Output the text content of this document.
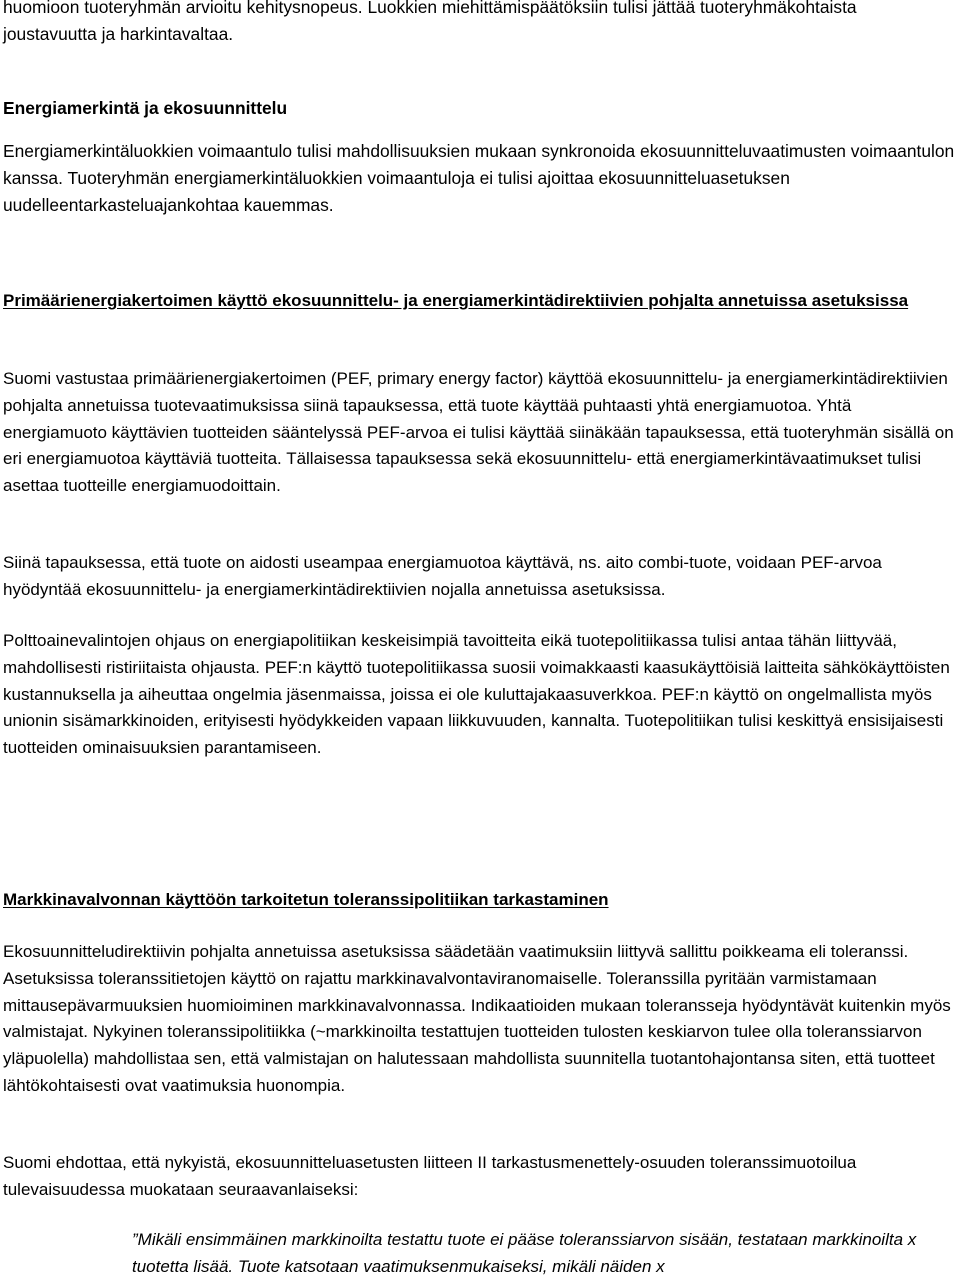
huomioon tuoteryhmän arvioitu kehitysnopeus. Luokkien miehittämispäätöksiin tulisi jättää tuoteryhmäkohtaista joustavuutta ja harkintavaltaa.

Energiamerkintä ja ekosuunnittelu

Energiamerkintäluokkien voimaantulo tulisi mahdollisuuksien mukaan synkronoida ekosuunnitteluvaatimusten voimaantulon kanssa. Tuoteryhmän energiamerkintäluokkien voimaantuloja ei tulisi ajoittaa ekosuunnitteluasetuksen uudelleentarkasteluajankohtaa kauemmas.

Primäärienergiakertoimen käyttö ekosuunnittelu- ja energiamerkintädirektiivien pohjalta annetuissa asetuksissa

Suomi vastustaa primäärienergiakertoimen (PEF, primary energy factor) käyttöä ekosuunnittelu- ja energiamerkintädirektiivien pohjalta annetuissa tuotevaatimuksissa siinä tapauksessa, että tuote käyttää puhtaasti yhtä energiamuotoa. Yhtä energiamuoto käyttävien tuotteiden sääntelyssä PEF-arvoa ei tulisi käyttää siinäkään tapauksessa, että tuoteryhmän sisällä on eri energiamuotoa käyttäviä tuotteita. Tällaisessa tapauksessa sekä ekosuunnittelu- että energiamerkintävaatimukset tulisi asettaa tuotteille energiamuodoittain.

Siinä tapauksessa, että tuote on aidosti useampaa energiamuotoa käyttävä, ns. aito combi-tuote, voidaan PEF-arvoa hyödyntää ekosuunnittelu- ja energiamerkintädirektiivien nojalla annetuissa asetuksissa.

Polttoainevalintojen ohjaus on energiapolitiikan keskeisimpiä tavoitteita eikä tuotepolitiikassa tulisi antaa tähän liittyvää, mahdollisesti ristiriitaista ohjausta. PEF:n käyttö tuotepolitiikassa suosii voimakkaasti kaasukäyttöisiä laitteita sähkökäyttöisten kustannuksella ja aiheuttaa ongelmia jäsenmaissa, joissa ei ole kuluttajakaasuverkkoa. PEF:n käyttö on ongelmallista myös unionin sisämarkkinoiden, erityisesti hyödykkeiden vapaan liikkuvuuden, kannalta. Tuotepolitiikan tulisi keskittyä ensisijaisesti tuotteiden ominaisuuksien parantamiseen.

Markkinavalvonnan käyttöön tarkoitetun toleranssipolitiikan tarkastaminen

Ekosuunnitteludirektiivin pohjalta annetuissa asetuksissa säädetään vaatimuksiin liittyvä sallittu poikkeama eli toleranssi. Asetuksissa toleranssitietojen käyttö on rajattu markkinavalvontaviranomaiselle. Toleranssilla pyritään varmistamaan mittausepävarmuuksien huomioiminen markkinavalvonnassa. Indikaatioiden mukaan toleransseja hyödyntävät kuitenkin myös valmistajat. Nykyinen toleranssipolitiikka (~markkinoilta testattujen tuotteiden tulosten keskiarvon tulee olla toleranssiarvon yläpuolella) mahdollistaa sen, että valmistajan on halutessaan mahdollista suunnitella tuotantohajontansa siten, että tuotteet lähtökohtaisesti ovat vaatimuksia huonompia.

Suomi ehdottaa, että nykyistä, ekosuunnitteluasetusten liitteen II tarkastusmenettely-osuuden toleranssimuotoilua tulevaisuudessa muokataan seuraavanlaiseksi:

”Mikäli ensimmäinen markkinoilta testattu tuote ei pääse toleranssiarvon sisään, testataan markkinoilta x tuotetta lisää. Tuote katsotaan vaatimuksenmukaiseksi, mikäli näiden x
